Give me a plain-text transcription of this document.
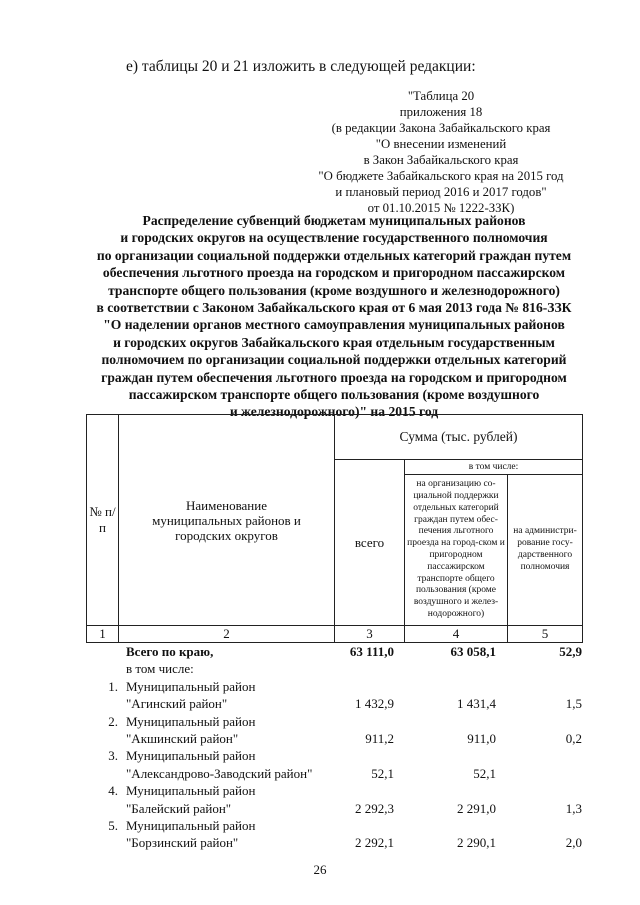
е) таблицы 20 и 21 изложить в следующей редакции:
"Таблица 20
приложения 18
(в редакции Закона Забайкальского края
"О внесении изменений
в Закон Забайкальского края
"О бюджете Забайкальского края на 2015 год
и плановый период 2016 и 2017 годов"
от 01.10.2015 № 1222-ЗЗК)
Распределение субвенций бюджетам муниципальных районов
и городских округов на осуществление государственного полномочия
по организации социальной поддержки отдельных категорий граждан путем
обеспечения льготного проезда на городском и пригородном пассажирском
транспорте общего пользования (кроме воздушного и железнодорожного)
в соответствии с Законом Забайкальского края от 6 мая 2013 года № 816-ЗЗК
"О наделении органов местного самоуправления муниципальных районов
и городских округов Забайкальского края отдельным государственным
полномочием по организации социальной поддержки отдельных категорий
граждан путем обеспечения льготного проезда на городском и пригородном
пассажирском транспорте общего пользования (кроме воздушного
и железнодорожного)" на 2015 год
№ п/п	Наименование муниципальных районов и городских округов	Сумма (тыс. рублей)		
		всего	в том числе:	
			на организацию со-циальной поддержки отдельных категорий граждан путем обес-печения льготного проезда на город-ском и пригородном пассажирском транспорте общего пользования (кроме воздушного и желез-нодорожного)	на администри-рование госу-дарственного полномочия
1	2	3	4	5
Всего по краю,	63 111,0	63 058,1	52,9
в том числе:
1. Муниципальный район
"Агинский район"	1 432,9	1 431,4	1,5
2. Муниципальный район
"Акшинский район"	911,2	911,0	0,2
3. Муниципальный район
"Александрово-Заводский район"	52,1	52,1
4. Муниципальный район
"Балейский район"	2 292,3	2 291,0	1,3
5. Муниципальный район
"Борзинский район"	2 292,1	2 290,1	2,0
26
